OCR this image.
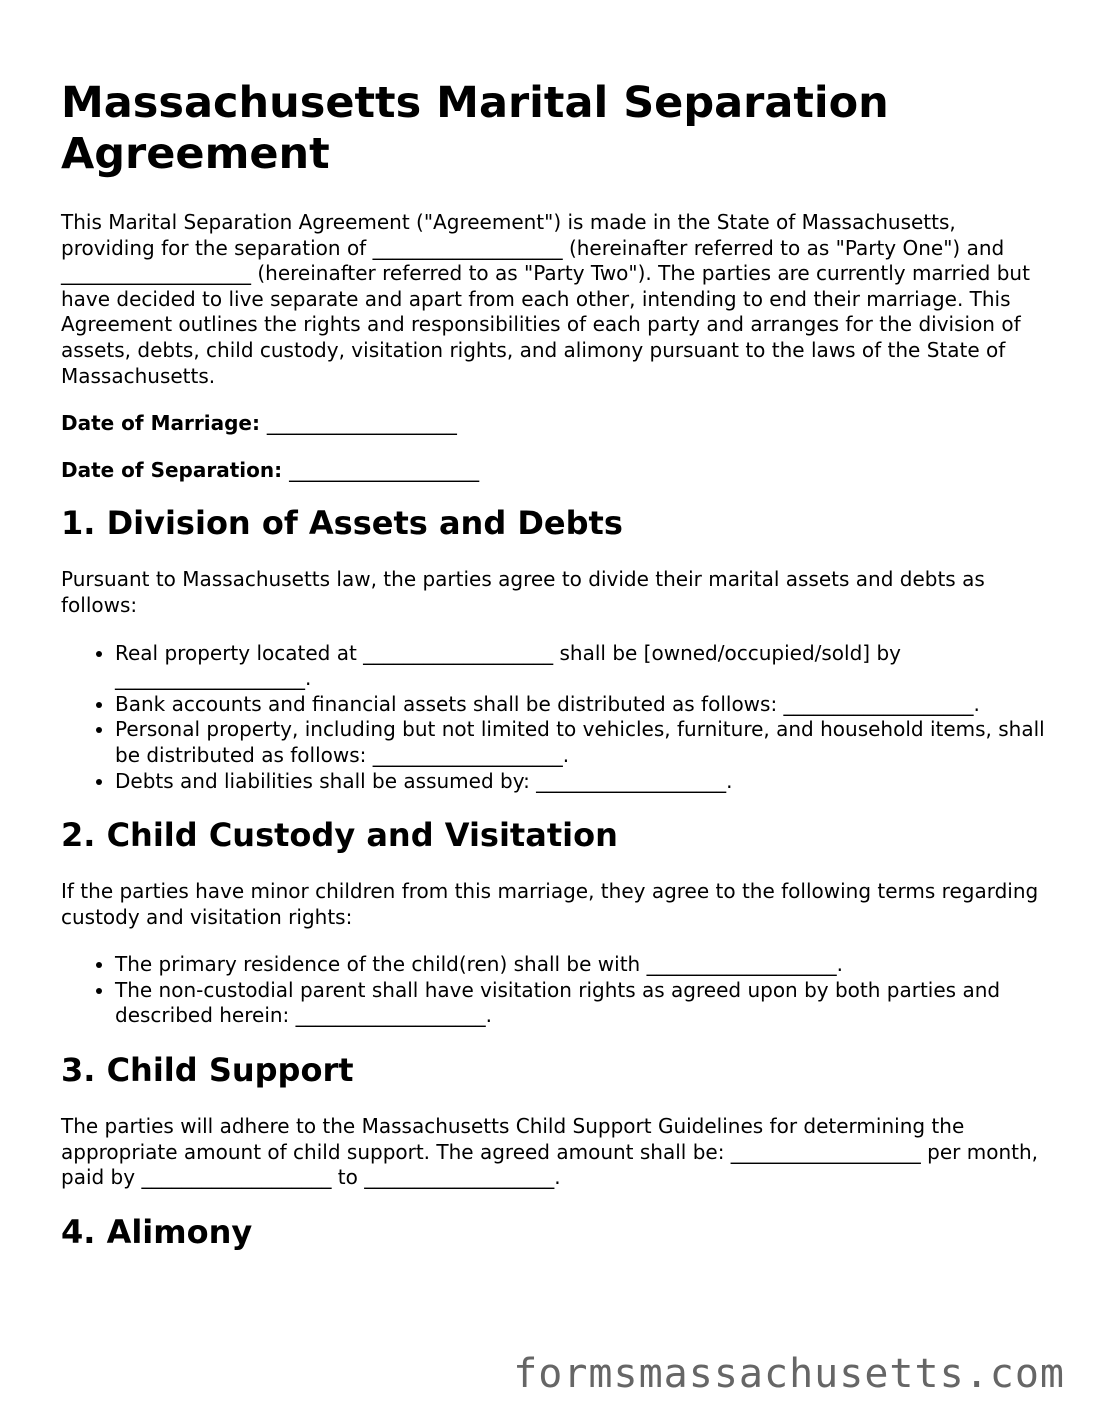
Massachusetts Marital Separation Agreement

This Marital Separation Agreement ("Agreement") is made in the State of Massachusetts, providing for the separation of ___________________ (hereinafter referred to as "Party One") and ___________________ (hereinafter referred to as "Party Two"). The parties are currently married but have decided to live separate and apart from each other, intending to end their marriage. This Agreement outlines the rights and responsibilities of each party and arranges for the division of assets, debts, child custody, visitation rights, and alimony pursuant to the laws of the State of Massachusetts.

Date of Marriage: ___________________
Date of Separation: ___________________
1. Division of Assets and Debts

Pursuant to Massachusetts law, the parties agree to divide their marital assets and debts as follows:

• Real property located at ___________________ shall be [owned/occupied/sold] by ___________________.
• Bank accounts and financial assets shall be distributed as follows: ___________________.
• Personal property, including but not limited to vehicles, furniture, and household items, shall be distributed as follows: ___________________.
• Debts and liabilities shall be assumed by: ___________________.
2. Child Custody and Visitation

If the parties have minor children from this marriage, they agree to the following terms regarding custody and visitation rights:

• The primary residence of the child(ren) shall be with ___________________.
• The non-custodial parent shall have visitation rights as agreed upon by both parties and described herein: ___________________.
3. Child Support

The parties will adhere to the Massachusetts Child Support Guidelines for determining the appropriate amount of child support. The agreed amount shall be: ___________________ per month, paid by ___________________ to ___________________.

4. Alimony
formsmassachusetts.com
